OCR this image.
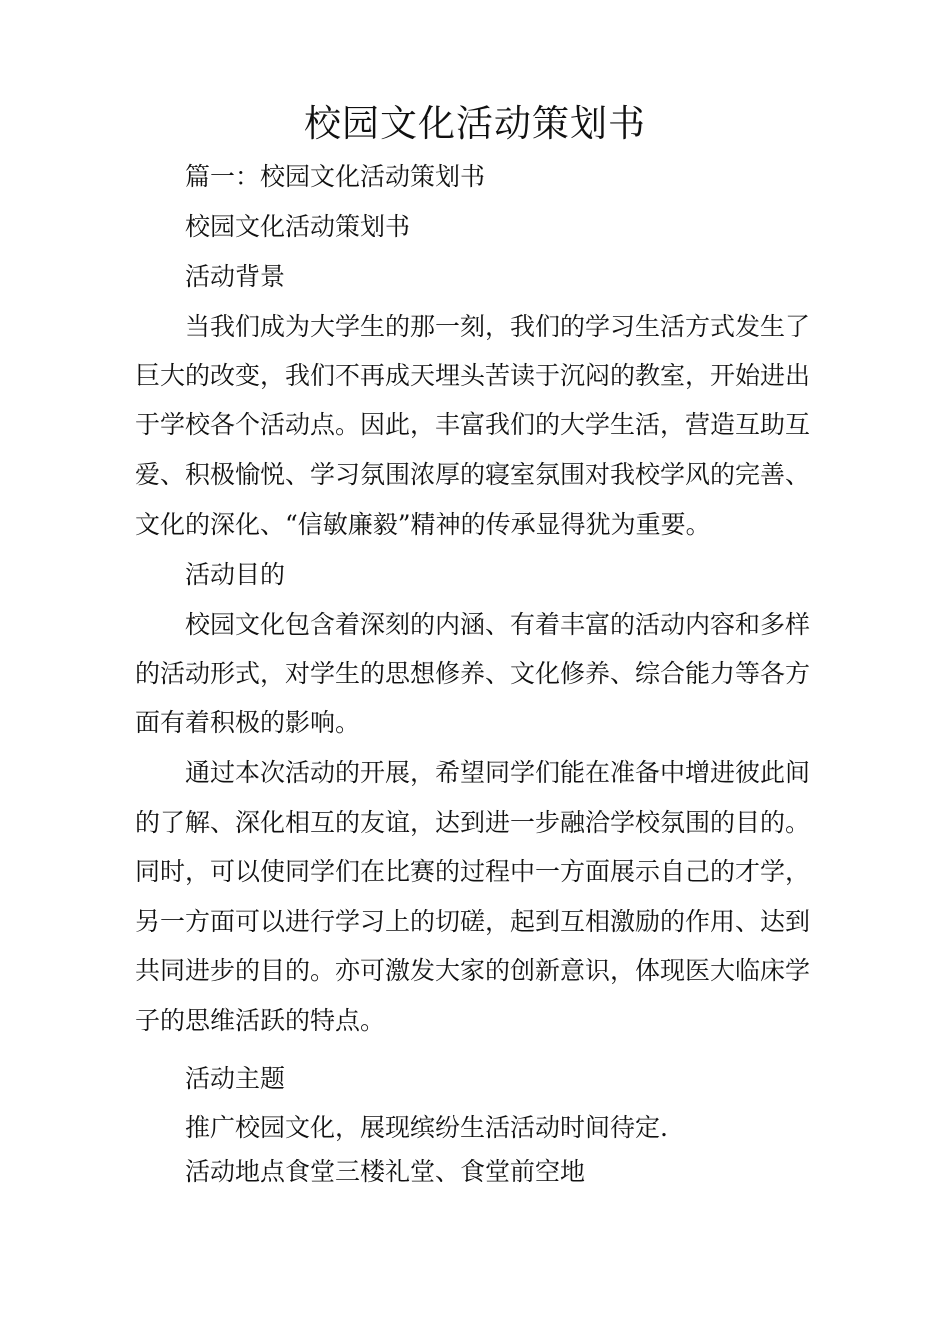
校园文化活动策划书

篇一：校园文化活动策划书

校园文化活动策划书

活动背景

当我们成为大学生的那一刻，我们的学习生活方式发生了

巨大的改变，我们不再成天埋头苦读于沉闷的教室，开始进出

于学校各个活动点。因此，丰富我们的大学生活，营造互助互

爱、积极愉悦、学习氛围浓厚的寝室氛围对我校学风的完善、

文化的深化、“信敏廉毅”精神的传承显得犹为重要。

活动目的

校园文化包含着深刻的内涵、有着丰富的活动内容和多样

的活动形式，对学生的思想修养、文化修养、综合能力等各方

面有着积极的影响。

通过本次活动的开展，希望同学们能在准备中增进彼此间

的了解、深化相互的友谊，达到进一步融洽学校氛围的目的。

同时，可以使同学们在比赛的过程中一方面展示自己的才学，

另一方面可以进行学习上的切磋，起到互相激励的作用、达到

共同进步的目的。亦可激发大家的创新意识，体现医大临床学

子的思维活跃的特点。

活动主题

推广校园文化，展现缤纷生活活动时间待定.

活动地点食堂三楼礼堂、食堂前空地
